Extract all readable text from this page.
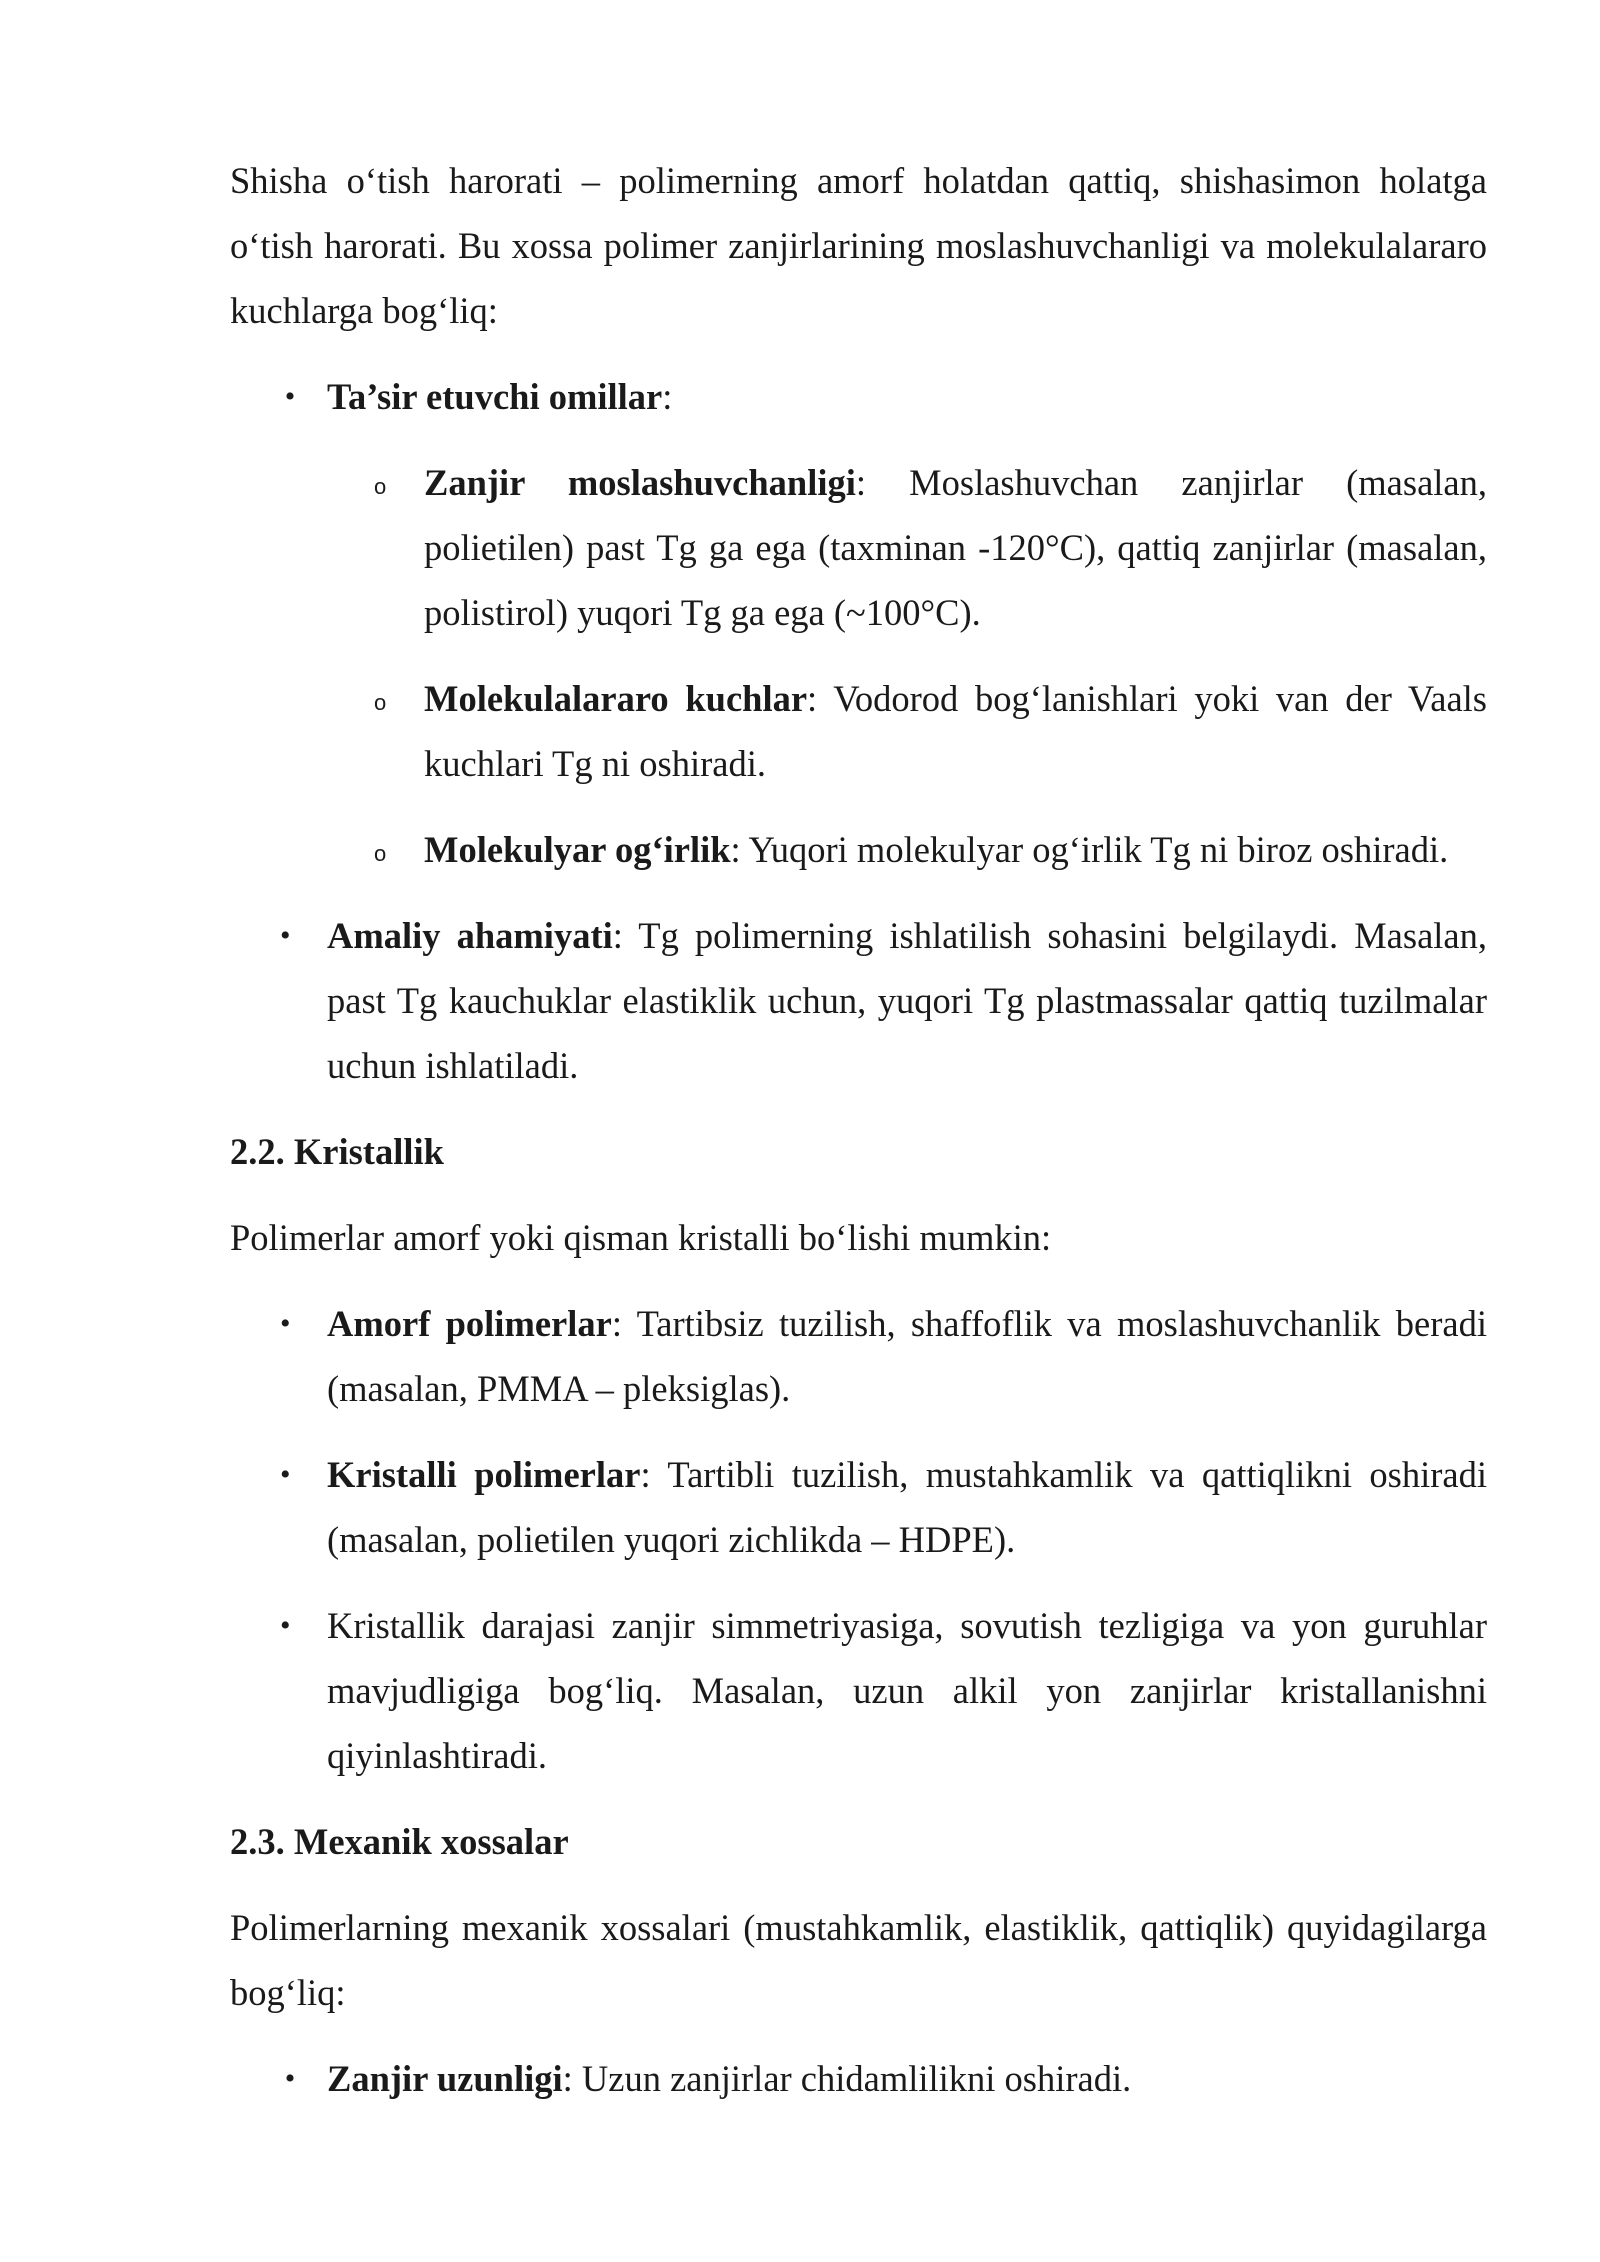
Shisha o‘tish harorati – polimerning amorf holatdan qattiq, shishasimon holatga o‘tish harorati. Bu xossa polimer zanjirlarining moslashuvchanligi va molekulalararo kuchlarga bog‘liq:

• Ta’sir etuvchi omillar:
o Zanjir moslashuvchanligi: Moslashuvchan zanjirlar (masalan, polietilen) past Tg ga ega (taxminan -120°C), qattiq zanjirlar (masalan, polistirol) yuqori Tg ga ega (~100°C).
o Molekulalararo kuchlar: Vodorod bog‘lanishlari yoki van der Vaals kuchlari Tg ni oshiradi.
o Molekulyar og‘irlik: Yuqori molekulyar og‘irlik Tg ni biroz oshiradi.
• Amaliy ahamiyati: Tg polimerning ishlatilish sohasini belgilaydi. Masalan, past Tg kauchuklar elastiklik uchun, yuqori Tg plastmassalar qattiq tuzilmalar uchun ishlatiladi.

2.2. Kristallik

Polimerlar amorf yoki qisman kristalli bo‘lishi mumkin:

• Amorf polimerlar: Tartibsiz tuzilish, shaffoflik va moslashuvchanlik beradi (masalan, PMMA – pleksiglas).
• Kristalli polimerlar: Tartibli tuzilish, mustahkamlik va qattiqlikni oshiradi (masalan, polietilen yuqori zichlikda – HDPE).
• Kristallik darajasi zanjir simmetriyasiga, sovutish tezligiga va yon guruhlar mavjudligiga bog‘liq. Masalan, uzun alkil yon zanjirlar kristallanishni qiyinlashtiradi.

2.3. Mexanik xossalar

Polimerlarning mexanik xossalari (mustahkamlik, elastiklik, qattiqlik) quyidagilarga bog‘liq:

• Zanjir uzunligi: Uzun zanjirlar chidamlilikni oshiradi.
